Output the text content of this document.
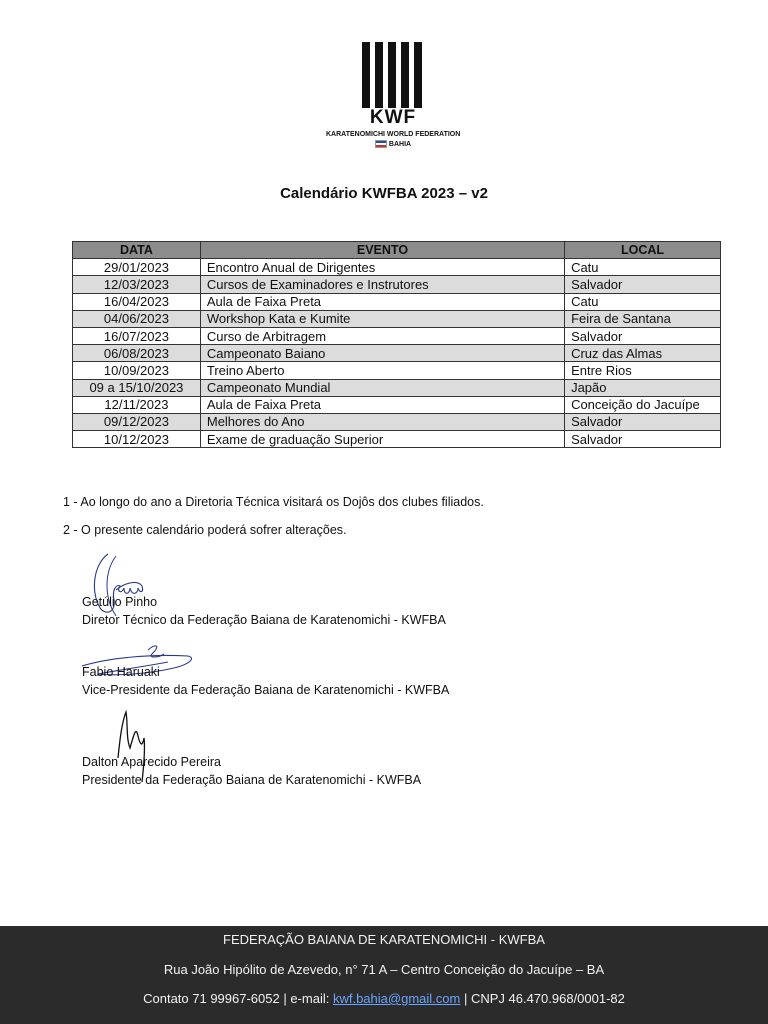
KWF
KARATENOMICHI WORLD FEDERATION
BAHIA
Calendário KWFBA 2023 – v2
DATA	EVENTO	LOCAL
29/01/2023	Encontro Anual de Dirigentes	Catu
12/03/2023	Cursos de Examinadores e Instrutores	Salvador
16/04/2023	Aula de Faixa Preta	Catu
04/06/2023	Workshop Kata e Kumite	Feira de Santana
16/07/2023	Curso de Arbitragem	Salvador
06/08/2023	Campeonato Baiano	Cruz das Almas
10/09/2023	Treino Aberto	Entre Rios
09 a 15/10/2023	Campeonato Mundial	Japão
12/11/2023	Aula de Faixa Preta	Conceição do Jacuípe
09/12/2023	Melhores do Ano	Salvador
10/12/2023	Exame de graduação Superior	Salvador
1 - Ao longo do ano a Diretoria Técnica visitará os Dojôs dos clubes filiados.
2 - O presente calendário poderá sofrer alterações.
Getúlio Pinho
Diretor Técnico da Federação Baiana de Karatenomichi - KWFBA
Fabio Haruaki
Vice-Presidente da Federação Baiana de Karatenomichi - KWFBA
Dalton Aparecido Pereira
Presidente da Federação Baiana de Karatenomichi - KWFBA
FEDERAÇÃO BAIANA DE KARATENOMICHI - KWFBA
Rua João Hipólito de Azevedo, n° 71 A – Centro Conceição do Jacuípe – BA
Contato 71 99967-6052 | e-mail: kwf.bahia@gmail.com | CNPJ 46.470.968/0001-82
